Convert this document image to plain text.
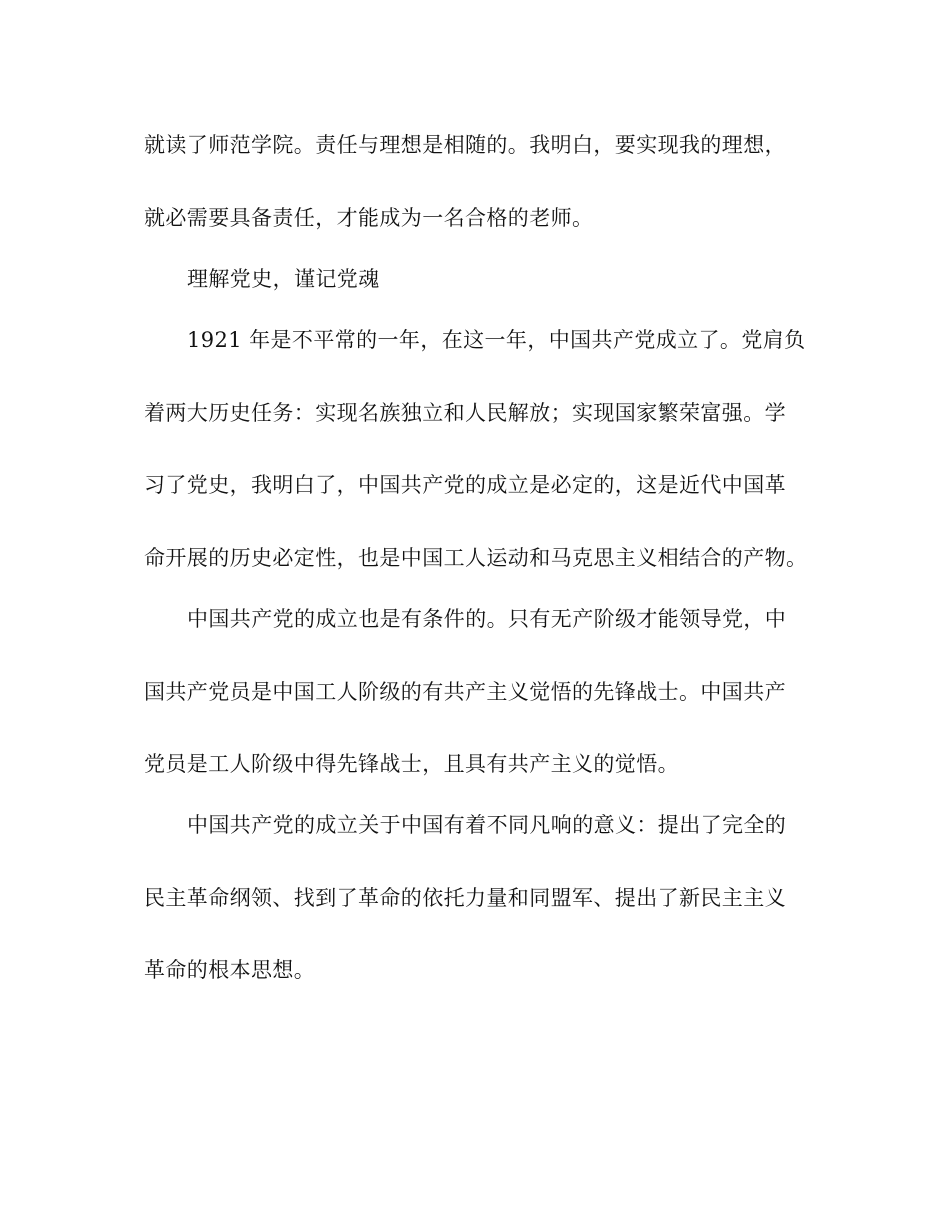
就读了师范学院。责任与理想是相随的。我明白，要实现我的理想，
就必需要具备责任，才能成为一名合格的老师。
理解党史，谨记党魂
1921 年是不平常的一年，在这一年，中国共产党成立了。党肩负
着两大历史任务：实现名族独立和人民解放；实现国家繁荣富强。学
习了党史，我明白了，中国共产党的成立是必定的，这是近代中国革
命开展的历史必定性，也是中国工人运动和马克思主义相结合的产物。
中国共产党的成立也是有条件的。只有无产阶级才能领导党，中
国共产党员是中国工人阶级的有共产主义觉悟的先锋战士。中国共产
党员是工人阶级中得先锋战士，且具有共产主义的觉悟。
中国共产党的成立关于中国有着不同凡响的意义：提出了完全的
民主革命纲领、找到了革命的依托力量和同盟军、提出了新民主主义
革命的根本思想。
